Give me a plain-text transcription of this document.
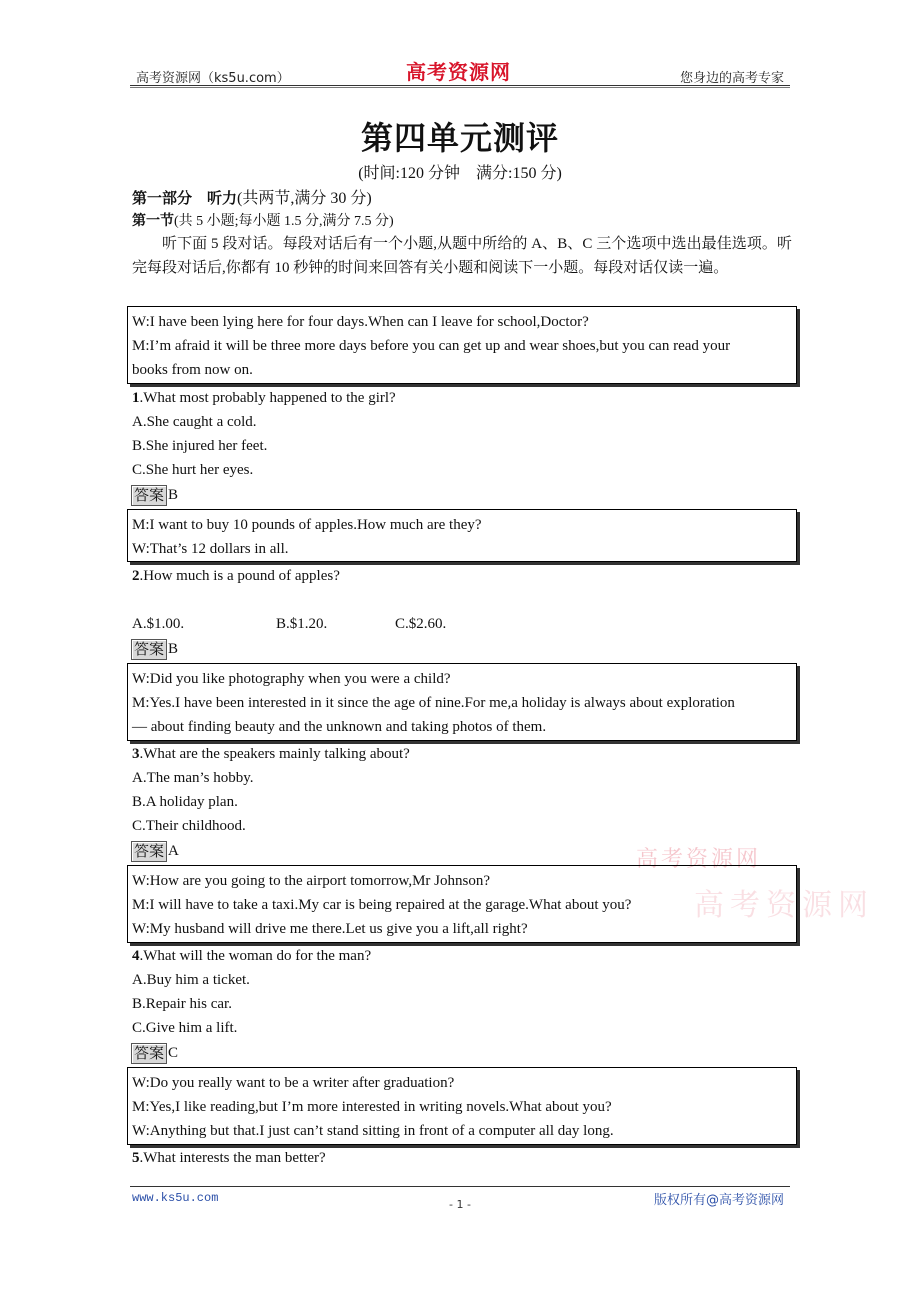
高考资源网（ks5u.com）	高考资源网	您身边的高考专家
第四单元测评
(时间:120 分钟　满分:150 分)
第一部分　听力(共两节,满分 30 分)
第一节(共 5 小题;每小题 1.5 分,满分 7.5 分)

听下面 5 段对话。每段对话后有一个小题,从题中所给的 A、B、C 三个选项中选出最佳选项。听完每段对话后,你都有 10 秒钟的时间来回答有关小题和阅读下一小题。每段对话仅读一遍。

W:I have been lying here for four days.When can I leave for school,Doctor?

M:I’m afraid it will be three more days before you can get up and wear shoes,but you can read your

books from now on.

1.What most probably happened to the girl?
A.She caught a cold.
B.She injured her feet.
C.She hurt her eyes.
答案 B

M:I want to buy 10 pounds of apples.How much are they?

W:That’s 12 dollars in all.

2.How much is a pound of apples?
A.$1.00.	B.$1.20.	C.$2.60.
答案 B

W:Did you like photography when you were a child?

M:Yes.I have been interested in it since the age of nine.For me,a holiday is always about exploration

— about finding beauty and the unknown and taking photos of them.

3.What are the speakers mainly talking about?
A.The man’s hobby.
B.A holiday plan.
C.Their childhood.
答案 A	高考资源网
高考资源网

W:How are you going to the airport tomorrow,Mr Johnson?

M:I will have to take a taxi.My car is being repaired at the garage.What about you?

W:My husband will drive me there.Let us give you a lift,all right?

4.What will the woman do for the man?
A.Buy him a ticket.
B.Repair his car.
C.Give him a lift.
答案 C

W:Do you really want to be a writer after graduation?

M:Yes,I like reading,but I’m more interested in writing novels.What about you?

W:Anything but that.I just can’t stand sitting in front of a computer all day long.

5.What interests the man better?
www.ks5u.com	- 1 -	版权所有@高考资源网
